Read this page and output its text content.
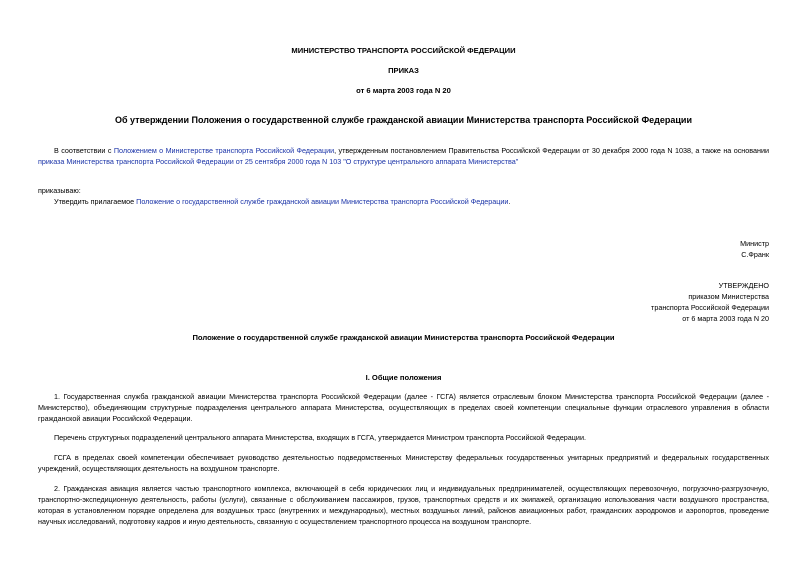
МИНИСТЕРСТВО ТРАНСПОРТА РОССИЙСКОЙ ФЕДЕРАЦИИ
ПРИКАЗ
от 6 марта 2003 года N 20
Об утверждении Положения о государственной службе гражданской авиации Министерства транспорта Российской Федерации
В соответствии с Положением о Министерстве транспорта Российской Федерации, утвержденным постановлением Правительства Российской Федерации от 30 декабря 2000 года N 1038, а также на основании приказа Министерства транспорта Российской Федерации от 25 сентября 2000 года N 103 "О структуре центрального аппарата Министерства"
приказываю:
Утвердить прилагаемое Положение о государственной службе гражданской авиации Министерства транспорта Российской Федерации.
Министр
С.Франк
УТВЕРЖДЕНО
приказом Министерства
транспорта Российской Федерации
от 6 марта 2003 года N 20
Положение о государственной службе гражданской авиации Министерства транспорта Российской Федерации
I. Общие положения
1. Государственная служба гражданской авиации Министерства транспорта Российской Федерации (далее - ГСГА) является отраслевым блоком Министерства транспорта Российской Федерации (далее - Министерство), объединяющим структурные подразделения центрального аппарата Министерства, осуществляющих в пределах своей компетенции специальные функции отраслевого управления в области гражданской авиации Российской Федерации.
Перечень структурных подразделений центрального аппарата Министерства, входящих в ГСГА, утверждается Министром транспорта Российской Федерации.
ГСГА в пределах своей компетенции обеспечивает руководство деятельностью подведомственных Министерству федеральных государственных унитарных предприятий и федеральных государственных учреждений, осуществляющих деятельность на воздушном транспорте.
2. Гражданская авиация является частью транспортного комплекса, включающей в себя юридических лиц и индивидуальных предпринимателей, осуществляющих перевозочную, погрузочно-разгрузочную, транспортно-экспедиционную деятельность, работы (услуги), связанные с обслуживанием пассажиров, грузов, транспортных средств и их экипажей, организацию использования части воздушного пространства, которая в установленном порядке определена для воздушных трасс (внутренних и международных), местных воздушных линий, районов авиационных работ, гражданских аэродромов и аэропортов, проведение научных исследований, подготовку кадров и иную деятельность, связанную с осуществлением транспортного процесса на воздушном транспорте.
